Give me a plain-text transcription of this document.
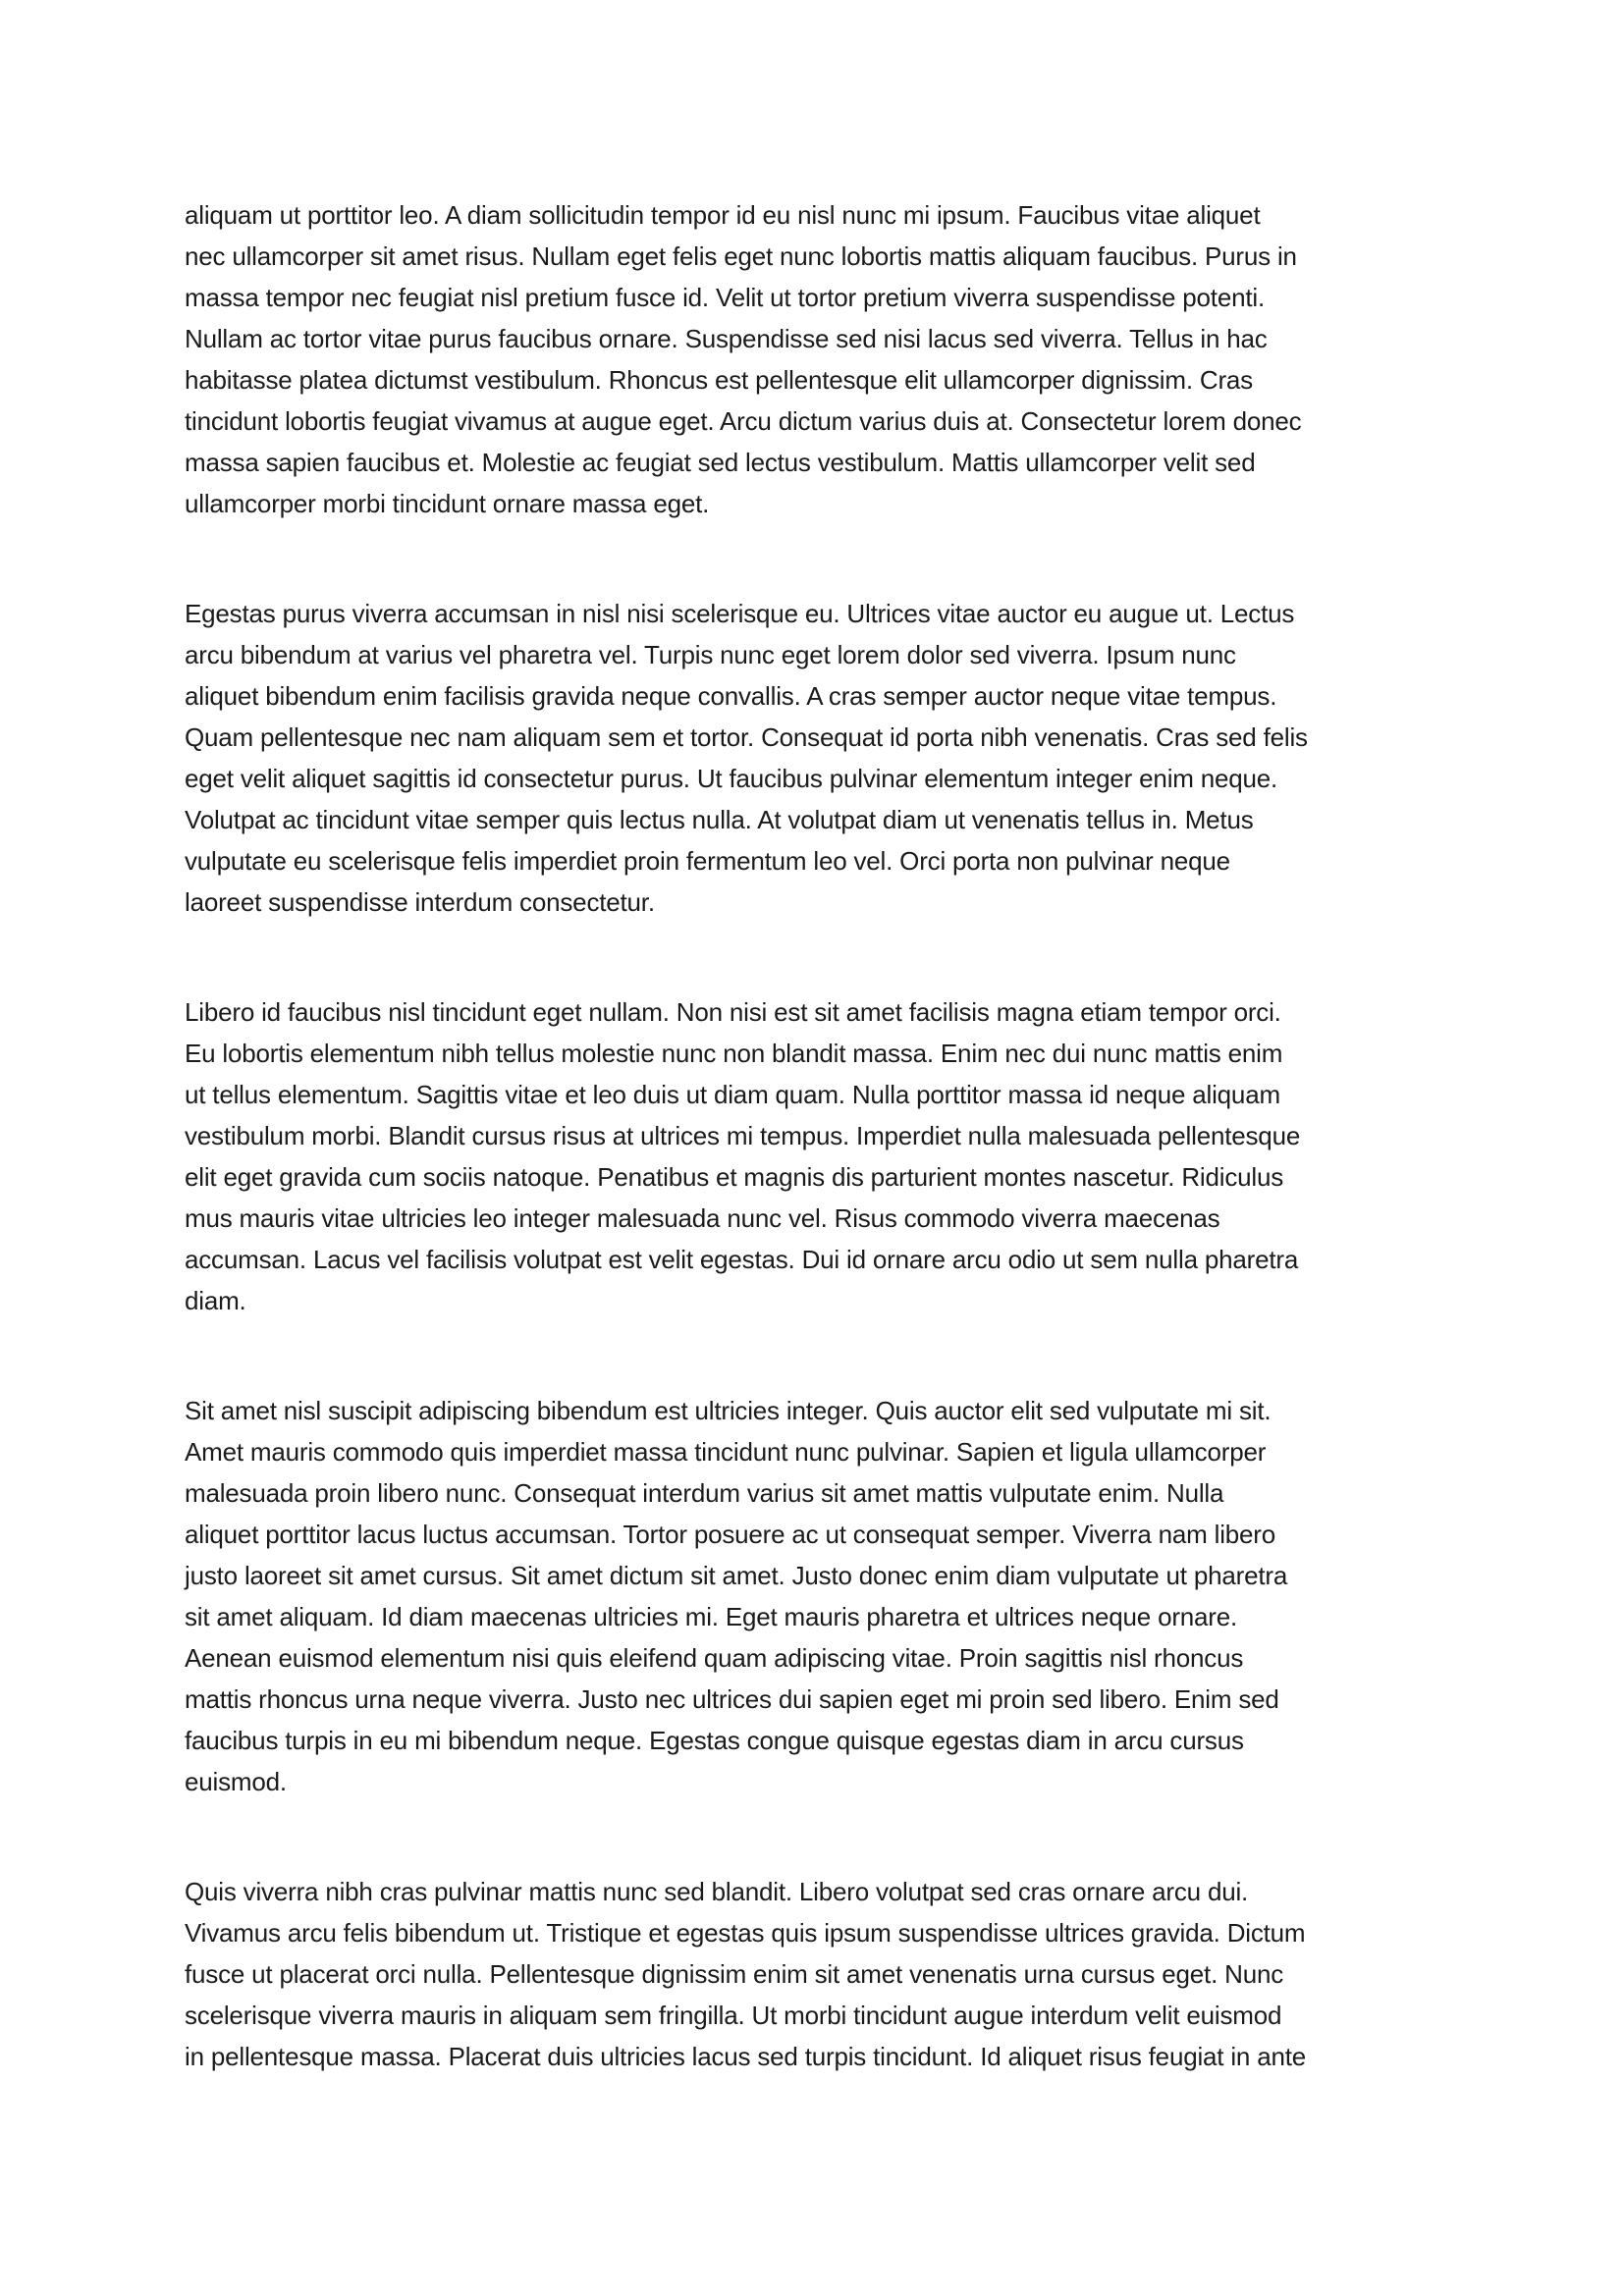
aliquam ut porttitor leo. A diam sollicitudin tempor id eu nisl nunc mi ipsum. Faucibus vitae aliquet
nec ullamcorper sit amet risus. Nullam eget felis eget nunc lobortis mattis aliquam faucibus. Purus in
massa tempor nec feugiat nisl pretium fusce id. Velit ut tortor pretium viverra suspendisse potenti.
Nullam ac tortor vitae purus faucibus ornare. Suspendisse sed nisi lacus sed viverra. Tellus in hac
habitasse platea dictumst vestibulum. Rhoncus est pellentesque elit ullamcorper dignissim. Cras
tincidunt lobortis feugiat vivamus at augue eget. Arcu dictum varius duis at. Consectetur lorem donec
massa sapien faucibus et. Molestie ac feugiat sed lectus vestibulum. Mattis ullamcorper velit sed
ullamcorper morbi tincidunt ornare massa eget.
Egestas purus viverra accumsan in nisl nisi scelerisque eu. Ultrices vitae auctor eu augue ut. Lectus
arcu bibendum at varius vel pharetra vel. Turpis nunc eget lorem dolor sed viverra. Ipsum nunc
aliquet bibendum enim facilisis gravida neque convallis. A cras semper auctor neque vitae tempus.
Quam pellentesque nec nam aliquam sem et tortor. Consequat id porta nibh venenatis. Cras sed felis
eget velit aliquet sagittis id consectetur purus. Ut faucibus pulvinar elementum integer enim neque.
Volutpat ac tincidunt vitae semper quis lectus nulla. At volutpat diam ut venenatis tellus in. Metus
vulputate eu scelerisque felis imperdiet proin fermentum leo vel. Orci porta non pulvinar neque
laoreet suspendisse interdum consectetur.
Libero id faucibus nisl tincidunt eget nullam. Non nisi est sit amet facilisis magna etiam tempor orci.
Eu lobortis elementum nibh tellus molestie nunc non blandit massa. Enim nec dui nunc mattis enim
ut tellus elementum. Sagittis vitae et leo duis ut diam quam. Nulla porttitor massa id neque aliquam
vestibulum morbi. Blandit cursus risus at ultrices mi tempus. Imperdiet nulla malesuada pellentesque
elit eget gravida cum sociis natoque. Penatibus et magnis dis parturient montes nascetur. Ridiculus
mus mauris vitae ultricies leo integer malesuada nunc vel. Risus commodo viverra maecenas
accumsan. Lacus vel facilisis volutpat est velit egestas. Dui id ornare arcu odio ut sem nulla pharetra
diam.
Sit amet nisl suscipit adipiscing bibendum est ultricies integer. Quis auctor elit sed vulputate mi sit.
Amet mauris commodo quis imperdiet massa tincidunt nunc pulvinar. Sapien et ligula ullamcorper
malesuada proin libero nunc. Consequat interdum varius sit amet mattis vulputate enim. Nulla
aliquet porttitor lacus luctus accumsan. Tortor posuere ac ut consequat semper. Viverra nam libero
justo laoreet sit amet cursus. Sit amet dictum sit amet. Justo donec enim diam vulputate ut pharetra
sit amet aliquam. Id diam maecenas ultricies mi. Eget mauris pharetra et ultrices neque ornare.
Aenean euismod elementum nisi quis eleifend quam adipiscing vitae. Proin sagittis nisl rhoncus
mattis rhoncus urna neque viverra. Justo nec ultrices dui sapien eget mi proin sed libero. Enim sed
faucibus turpis in eu mi bibendum neque. Egestas congue quisque egestas diam in arcu cursus
euismod.
Quis viverra nibh cras pulvinar mattis nunc sed blandit. Libero volutpat sed cras ornare arcu dui.
Vivamus arcu felis bibendum ut. Tristique et egestas quis ipsum suspendisse ultrices gravida. Dictum
fusce ut placerat orci nulla. Pellentesque dignissim enim sit amet venenatis urna cursus eget. Nunc
scelerisque viverra mauris in aliquam sem fringilla. Ut morbi tincidunt augue interdum velit euismod
in pellentesque massa. Placerat duis ultricies lacus sed turpis tincidunt. Id aliquet risus feugiat in ante
